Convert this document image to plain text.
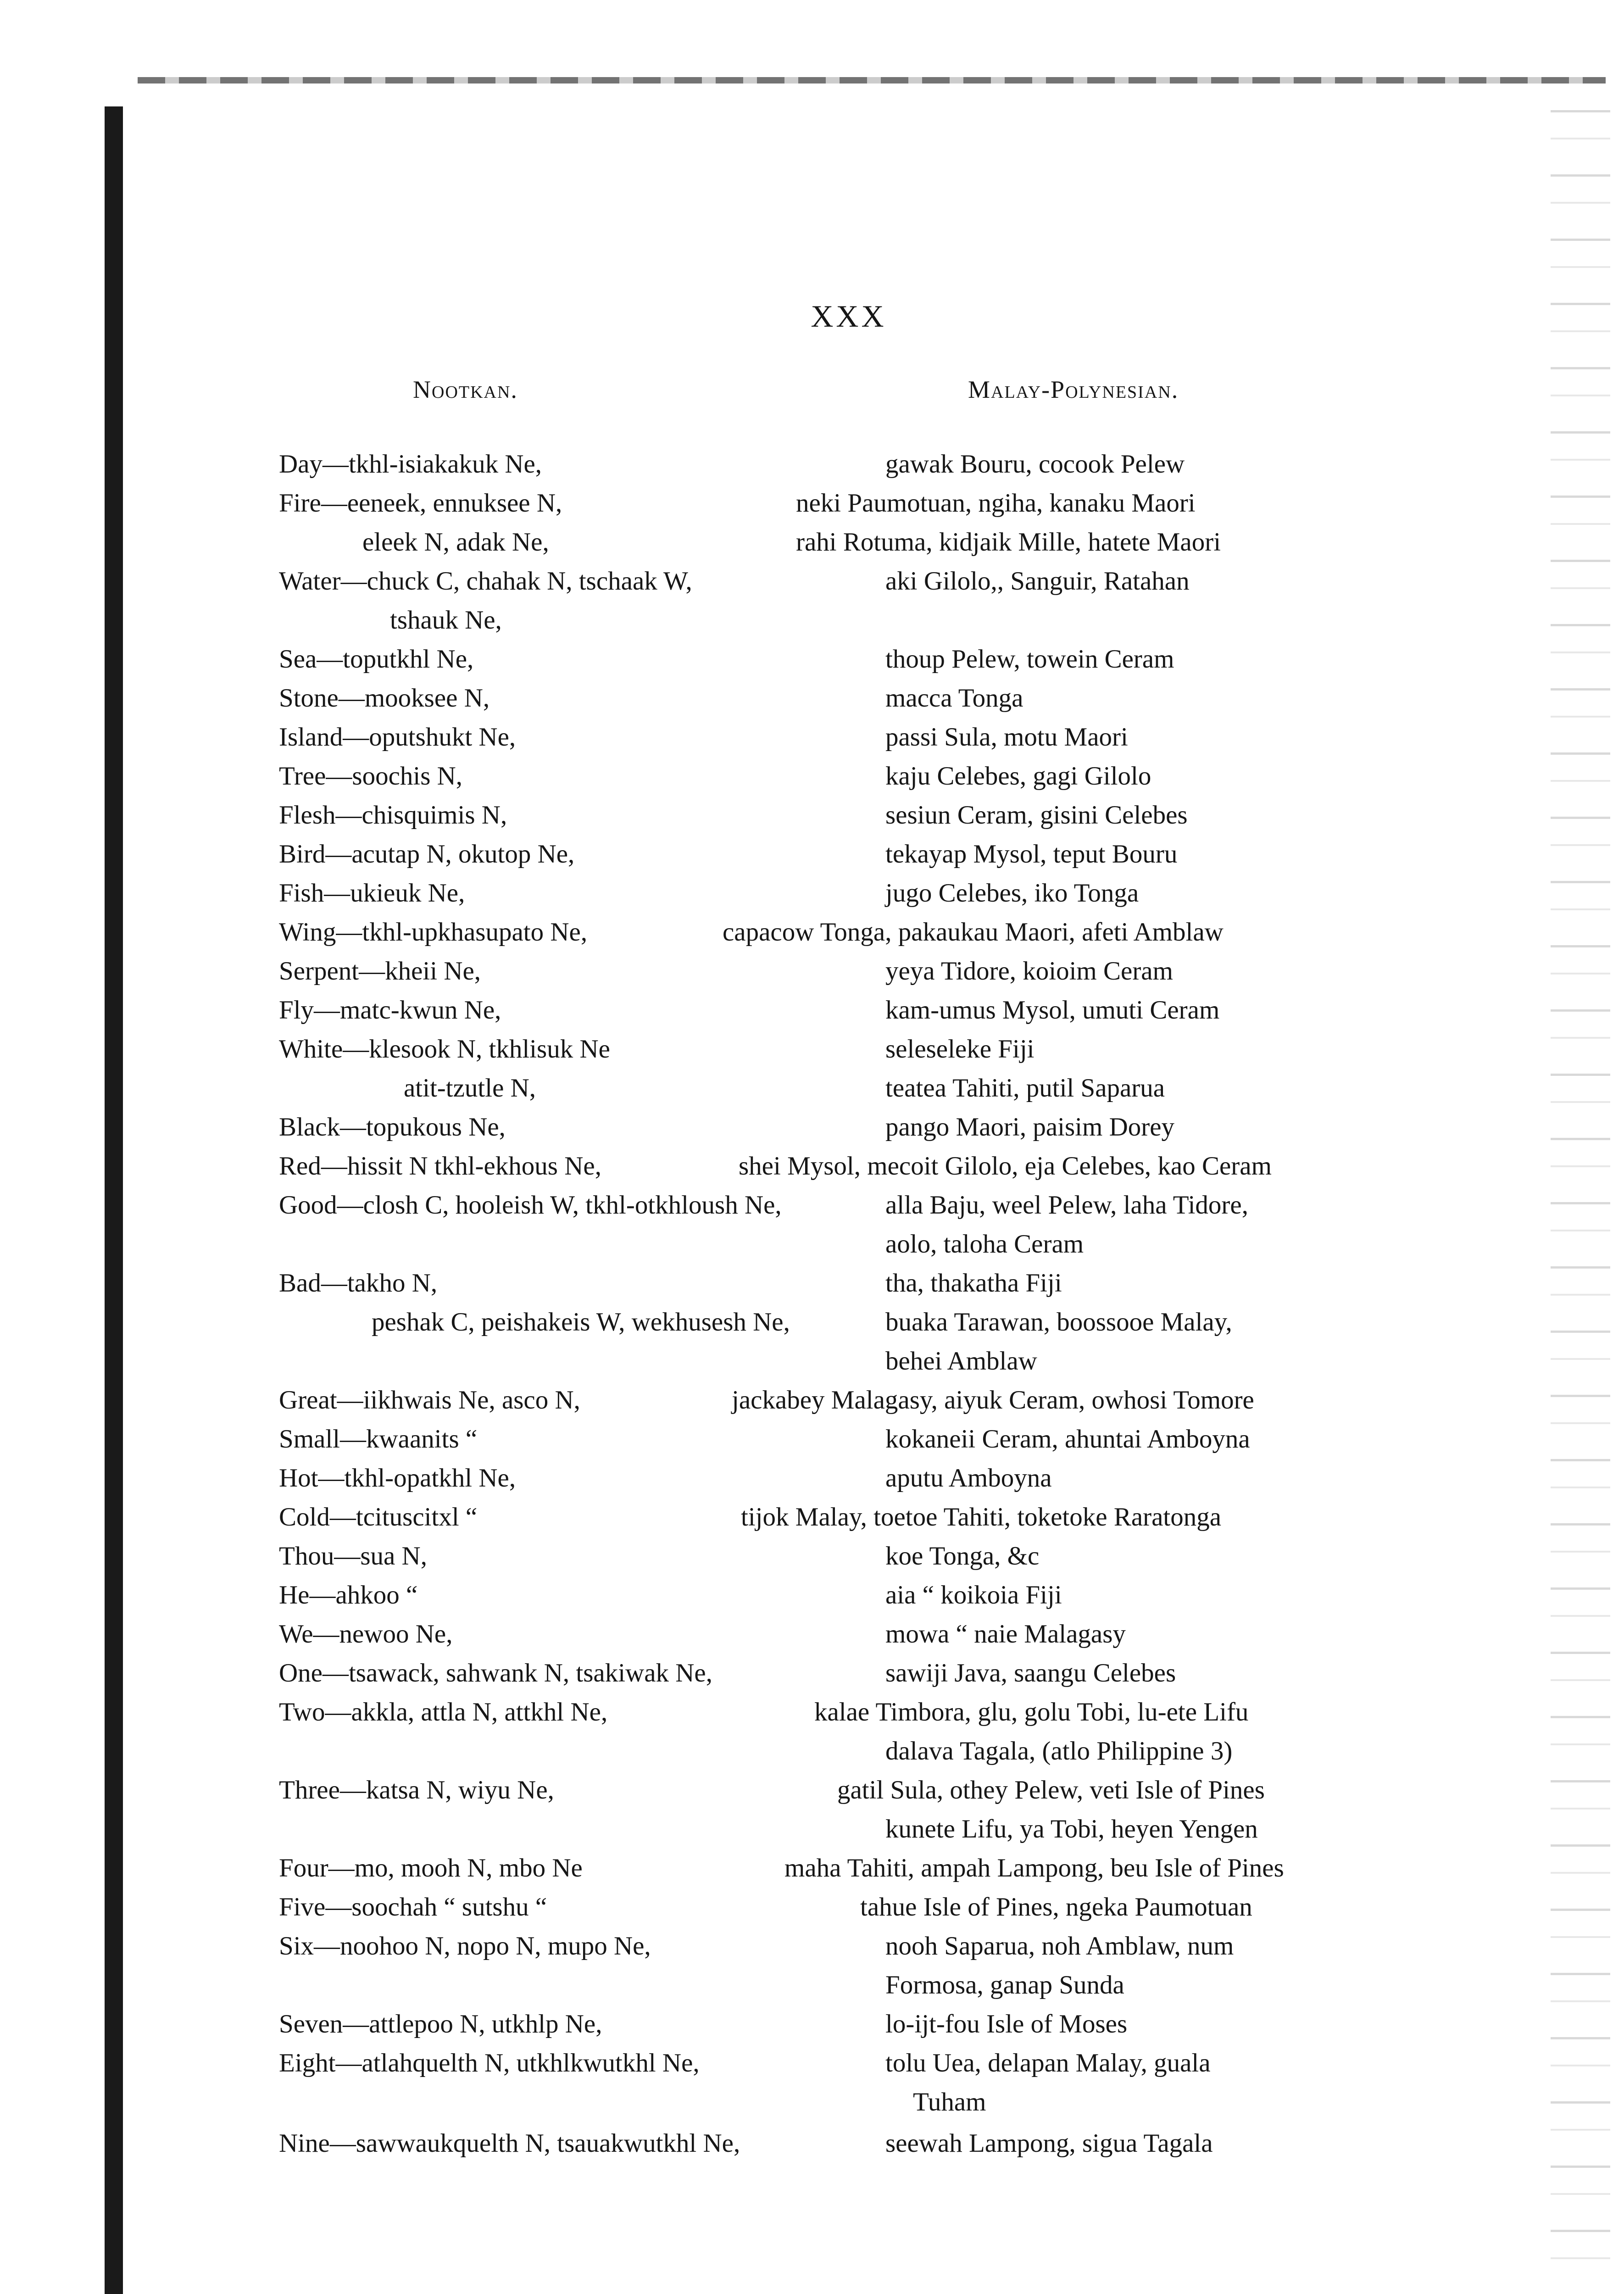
XXX
Nootkan.	Malay-Polynesian.
Day—tkhl-isiakakuk Ne,	gawak Bouru, cocook Pelew
Fire—eeneek, ennuksee N,	neki Paumotuan, ngiha, kanaku Maori
eleek N, adak Ne,	rahi Rotuma, kidjaik Mille, hatete Maori
Water—chuck C, chahak N, tschaak W,	aki Gilolo,, Sanguir, Ratahan
tshauk Ne,
Sea—toputkhl Ne,	thoup Pelew, towein Ceram
Stone—mooksee N,	macca Tonga
Island—oputshukt Ne,	passi Sula, motu Maori
Tree—soochis N,	kaju Celebes, gagi Gilolo
Flesh—chisquimis N,	sesiun Ceram, gisini Celebes
Bird—acutap N, okutop Ne,	tekayap Mysol, teput Bouru
Fish—ukieuk Ne,	jugo Celebes, iko Tonga
Wing—tkhl-upkhasupato Ne,	capacow Tonga, pakaukau Maori, afeti Amblaw
Serpent—kheii Ne,	yeya Tidore, koioim Ceram
Fly—matc-kwun Ne,	kam-umus Mysol, umuti Ceram
White—klesook N, tkhlisuk Ne	seleseleke Fiji
atit-tzutle N,	teatea Tahiti, putil Saparua
Black—topukous Ne,	pango Maori, paisim Dorey
Red—hissit N tkhl-ekhous Ne,	shei Mysol, mecoit Gilolo, eja Celebes, kao Ceram
Good—closh C, hooleish W, tkhl-otkhloush Ne,	alla Baju, weel Pelew, laha Tidore,
aolo, taloha Ceram
Bad—takho N,	tha, thakatha Fiji
peshak C, peishakeis W, wekhusesh Ne,	buaka Tarawan, boossooe Malay,
behei Amblaw
Great—iikhwais Ne, asco N,	jackabey Malagasy, aiyuk Ceram, owhosi Tomore
Small—kwaanits “	kokaneii Ceram, ahuntai Amboyna
Hot—tkhl-opatkhl Ne,	aputu Amboyna
Cold—tcituscitxl “	tijok Malay, toetoe Tahiti, toketoke Raratonga
Thou—sua N,	koe Tonga, &c
He—ahkoo “	aia “ koikoia Fiji
We—newoo Ne,	mowa “ naie Malagasy
One—tsawack, sahwank N, tsakiwak Ne,	sawiji Java, saangu Celebes
Two—akkla, attla N, attkhl Ne,	kalae Timbora, glu, golu Tobi, lu-ete Lifu
dalava Tagala, (atlo Philippine 3)
Three—katsa N, wiyu Ne,	gatil Sula, othey Pelew, veti Isle of Pines
kunete Lifu, ya Tobi, heyen Yengen
Four—mo, mooh N, mbo Ne	maha Tahiti, ampah Lampong, beu Isle of Pines
Five—soochah “ sutshu “	tahue Isle of Pines, ngeka Paumotuan
Six—noohoo N, nopo N, mupo Ne,	nooh Saparua, noh Amblaw, num
Formosa, ganap Sunda
Seven—attlepoo N, utkhlp Ne,	lo-ijt-fou Isle of Moses
Eight—atlahquelth N, utkhlkwutkhl Ne,	tolu Uea, delapan Malay, guala
Tuham
Nine—sawwaukquelth N, tsauakwutkhl Ne,	seewah Lampong, sigua Tagala
